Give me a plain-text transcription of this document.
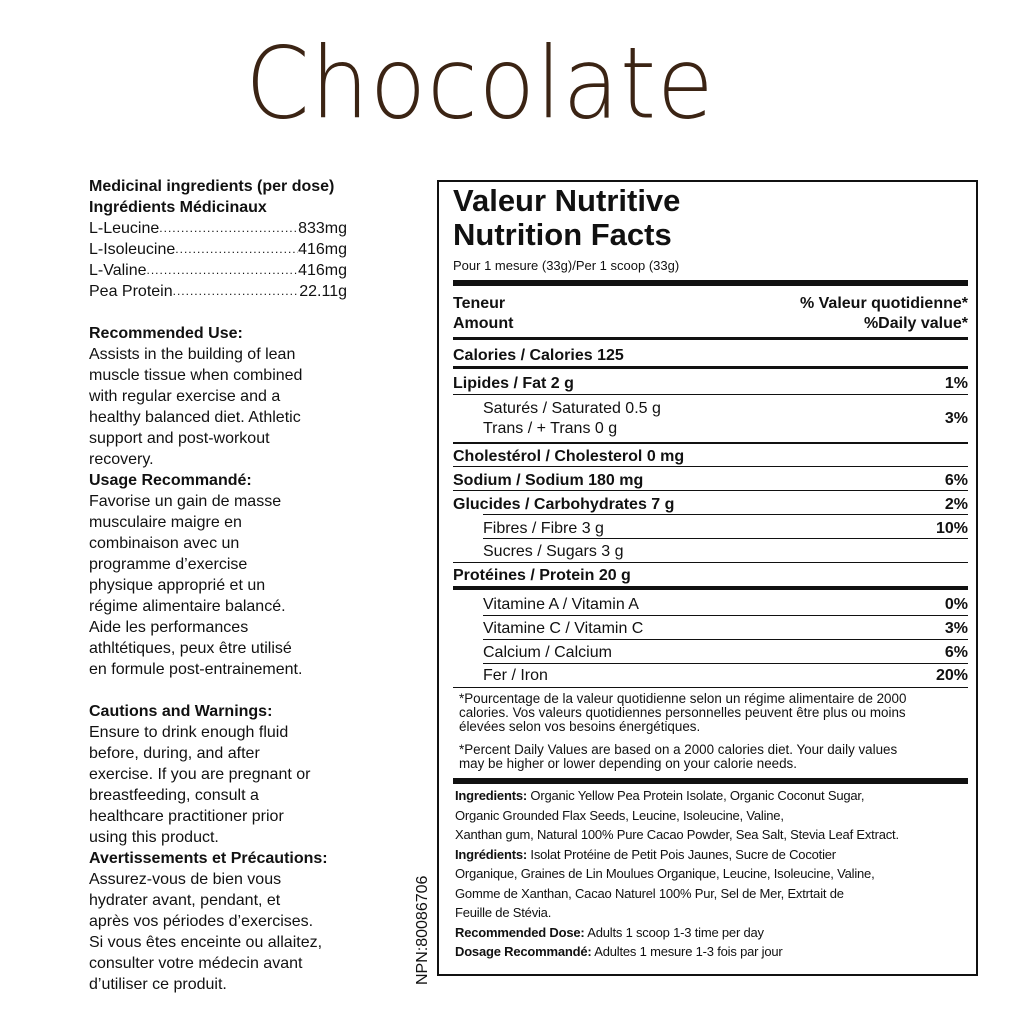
Chocolate
Medicinal ingredients (per dose)
Ingrédients Médicinaux
L-Leucine .....	833mg
L-Isoleucine .....	416mg
L-Valine .....	416mg
Pea Protein .....	22.11g
Recommended Use:
Assists in the building of lean
muscle tissue when combined
with regular exercise and a
healthy balanced diet. Athletic
support and post-workout
recovery.
Usage Recommandé:
Favorise un gain de masse
musculaire maigre en
combinaison avec un
programme d’exercise
physique approprié et un
régime alimentaire balancé.
Aide les performances
athltétiques, peux être utilisé
en formule post-entrainement.
Cautions and Warnings:
Ensure to drink enough fluid
before, during, and after
exercise. If you are pregnant or
breastfeeding, consult a
healthcare practitioner prior
using this product.
Avertissements et Précautions:
Assurez-vous de bien vous
hydrater avant, pendant, et
après vos périodes d’exercises.
Si vous êtes enceinte ou allaitez,
consulter votre médecin avant
d’utiliser ce produit.	NPN:80086706
Valeur Nutritive
Nutrition Facts
Pour 1 mesure (33g)/Per 1 scoop (33g)
Teneur
Amount
% Valeur quotidienne*
%Daily value*
Calories / Calories 125
Lipides / Fat 2 g	1%
Saturés / Saturated 0.5 g
Trans / + Trans 0 g
3%
Cholestérol / Cholesterol 0 mg
Sodium / Sodium 180 mg	6%
Glucides / Carbohydrates 7 g	2%
Fibres / Fibre 3 g	10%
Sucres / Sugars 3 g
Protéines / Protein 20 g
Vitamine A / Vitamin A	0%
Vitamine C / Vitamin C	3%
Calcium / Calcium	6%
Fer / Iron	20%
*Pourcentage de la valeur quotidienne selon un régime alimentaire de 2000
calories. Vos valeurs quotidiennes personnelles peuvent être plus ou moins
élevées selon vos besoins énergétiques.
*Percent Daily Values are based on a 2000 calories diet. Your daily values
may be higher or lower depending on your calorie needs.
Ingredients: Organic Yellow Pea Protein Isolate, Organic Coconut Sugar,
Organic Grounded Flax Seeds, Leucine, Isoleucine, Valine,
Xanthan gum, Natural 100% Pure Cacao Powder, Sea Salt, Stevia Leaf Extract.
Ingrédients: Isolat Protéine de Petit Pois Jaunes, Sucre de Cocotier
Organique, Graines de Lin Moulues Organique, Leucine, Isoleucine, Valine,
Gomme de Xanthan, Cacao Naturel 100% Pur, Sel de Mer, Extrtait de
Feuille de Stévia.
Recommended Dose: Adults 1 scoop 1-3 time per day
Dosage Recommandé: Adultes 1 mesure 1-3 fois par jour
